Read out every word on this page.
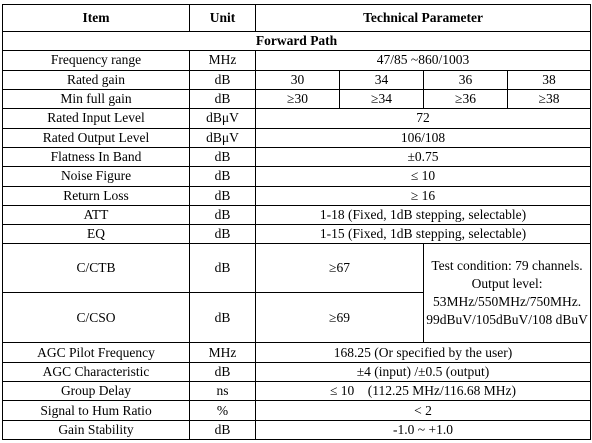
Item	Unit	Technical Parameter			
Forward Path					
Frequency range	MHz	47/85 ~860/1003			
Rated gain	dB	30	34	36	38
Min full gain	dB	≥30	≥34	≥36	≥38
Rated Input Level	dBμV	72			
Rated Output Level	dBμV	106/108			
Flatness In Band	dB	±0.75			
Noise Figure	dB	≤ 10			
Return Loss	dB	≥ 16			
ATT	dB	1-18 (Fixed, 1dB stepping, selectable)			
EQ	dB	1-15 (Fixed, 1dB stepping, selectable)			
C/CTB	dB	≥67		Test condition: 79 channels.
Output level:
53MHz/550MHz/750MHz.
99dBuV/105dBuV/108 dBuV	

C/CSO	dB	≥69			
AGC Pilot Frequency	MHz	168.25 (Or specified by the user)			
AGC Characteristic	dB	±4 (input) /±0.5 (output)			
Group Delay	ns	≤ 10    (112.25 MHz/116.68 MHz)			
Signal to Hum Ratio	%	< 2			
Gain Stability	dB	-1.0 ~ +1.0			
